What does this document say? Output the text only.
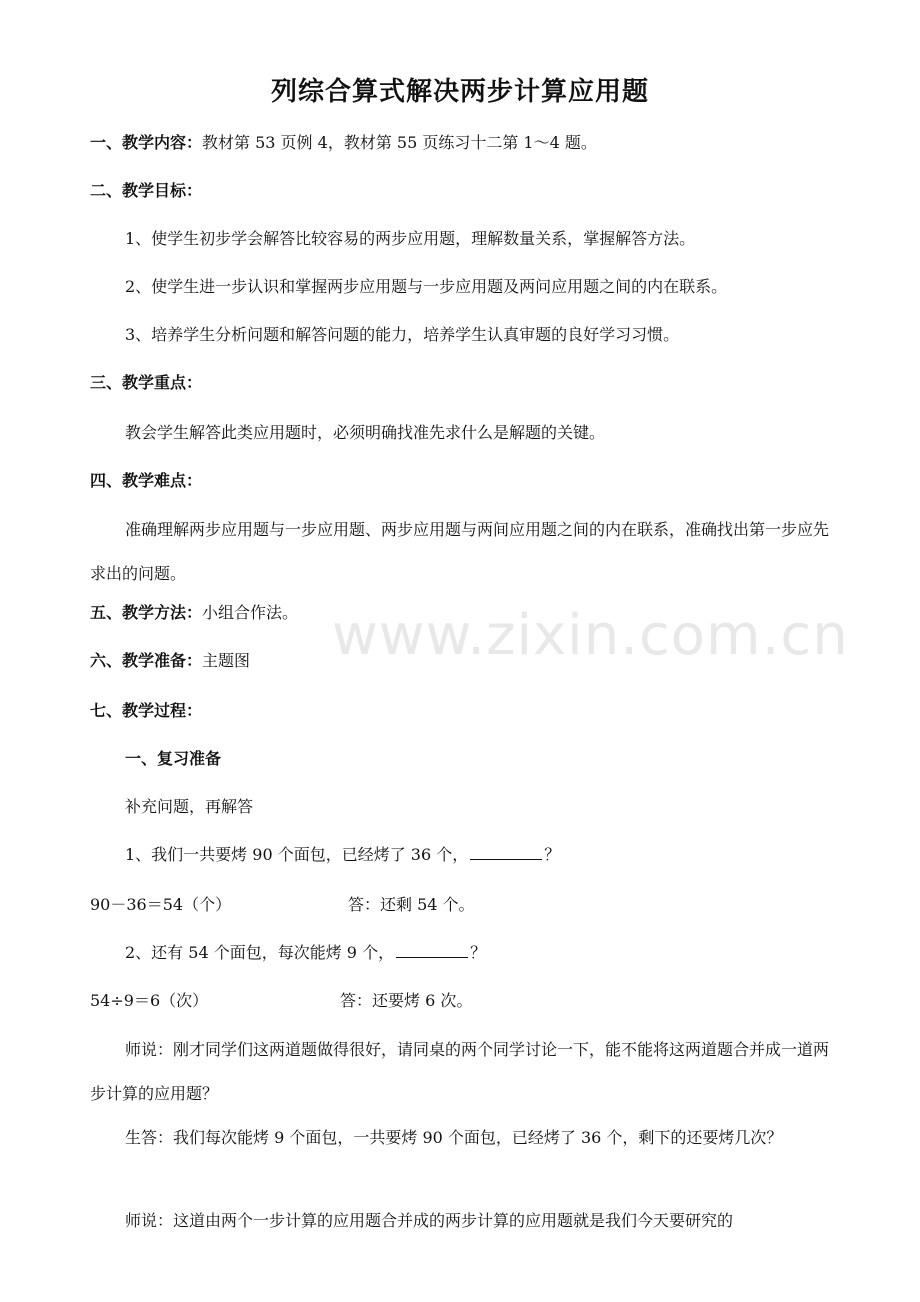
列综合算式解决两步计算应用题
一、教学内容：教材第 53 页例 4，教材第 55 页练习十二第 1～4 题。
二、教学目标：
1、使学生初步学会解答比较容易的两步应用题，理解数量关系，掌握解答方法。
2、使学生进一步认识和掌握两步应用题与一步应用题及两问应用题之间的内在联系。
3、培养学生分析问题和解答问题的能力，培养学生认真审题的良好学习习惯。
三、教学重点：
教会学生解答此类应用题时，必须明确找准先求什么是解题的关键。
四、教学难点：
准确理解两步应用题与一步应用题、两步应用题与两间应用题之间的内在联系，准确找出第一步应先求出的问题。
五、教学方法：小组合作法。
六、教学准备：主题图
七、教学过程：
一、复习准备
补充问题，再解答
1、我们一共要烤 90 个面包，已经烤了 36 个，	？
90－36＝54（个）	答：还剩 54 个。
2、还有 54 个面包，每次能烤 9 个，	？
54÷9＝6（次）	答：还要烤 6 次。
师说：刚才同学们这两道题做得很好，请同桌的两个同学讨论一下，能不能将这两道题合并成一道两步计算的应用题？
生答：我们每次能烤 9 个面包，一共要烤 90 个面包，已经烤了 36 个，剩下的还要烤几次？
师说：这道由两个一步计算的应用题合并成的两步计算的应用题就是我们今天要研究的
www.zixin.com.cn
